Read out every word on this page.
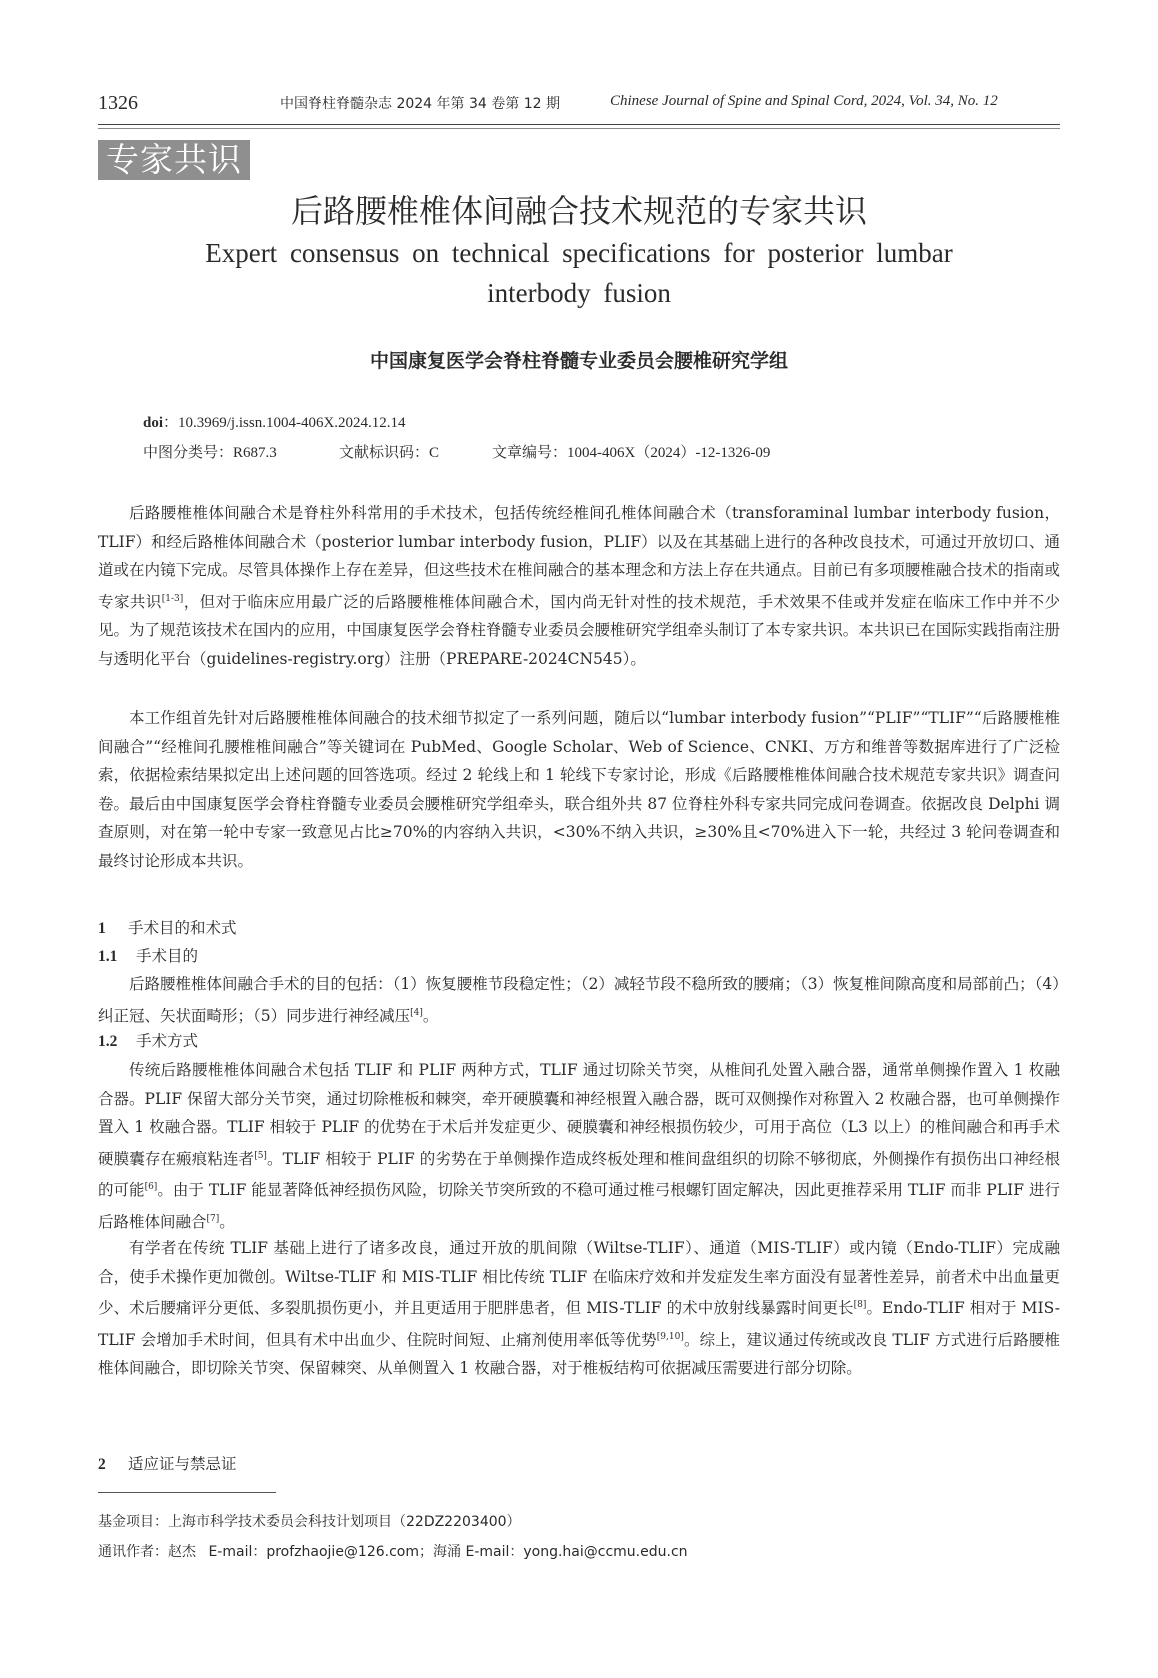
1326	中国脊柱脊髓杂志 2024 年第 34 卷第 12 期	Chinese Journal of Spine and Spinal Cord, 2024, Vol. 34, No. 12
专家共识
后路腰椎椎体间融合技术规范的专家共识
Expert consensus on technical specifications for posterior lumbar interbody fusion
中国康复医学会脊柱脊髓专业委员会腰椎研究学组
doi：10.3969/j.issn.1004-406X.2024.12.14
中图分类号：R687.3	文献标识码：C	文章编号：1004-406X（2024）-12-1326-09

后路腰椎椎体间融合术是脊柱外科常用的手术技术，包括传统经椎间孔椎体间融合术（transforaminal lumbar interbody fusion，TLIF）和经后路椎体间融合术（posterior lumbar interbody fusion，PLIF）以及在其基础上进行的各种改良技术，可通过开放切口、通道或在内镜下完成。尽管具体操作上存在差异，但这些技术在椎间融合的基本理念和方法上存在共通点。目前已有多项腰椎融合技术的指南或专家共识[1-3]，但对于临床应用最广泛的后路腰椎椎体间融合术，国内尚无针对性的技术规范，手术效果不佳或并发症在临床工作中并不少见。为了规范该技术在国内的应用，中国康复医学会脊柱脊髓专业委员会腰椎研究学组牵头制订了本专家共识。本共识已在国际实践指南注册与透明化平台（guidelines-registry.org）注册（PREPARE-2024CN545）。

本工作组首先针对后路腰椎椎体间融合的技术细节拟定了一系列问题，随后以“lumbar interbody fusion”“PLIF”“TLIF”“后路腰椎椎间融合”“经椎间孔腰椎椎间融合”等关键词在 PubMed、Google Scholar、Web of Science、CNKI、万方和维普等数据库进行了广泛检索，依据检索结果拟定出上述问题的回答选项。经过 2 轮线上和 1 轮线下专家讨论，形成《后路腰椎椎体间融合技术规范专家共识》调查问卷。最后由中国康复医学会脊柱脊髓专业委员会腰椎研究学组牵头，联合组外共 87 位脊柱外科专家共同完成问卷调查。依据改良 Delphi 调查原则，对在第一轮中专家一致意见占比≥70%的内容纳入共识，<30%不纳入共识，≥30%且<70%进入下一轮，共经过 3 轮问卷调查和最终讨论形成本共识。

1 手术目的和术式
1.1 手术目的

后路腰椎椎体间融合手术的目的包括：（1）恢复腰椎节段稳定性；（2）减轻节段不稳所致的腰痛；（3）恢复椎间隙高度和局部前凸；（4）纠正冠、矢状面畸形；（5）同步进行神经减压[4]。

1.2 手术方式

传统后路腰椎椎体间融合术包括 TLIF 和 PLIF 两种方式，TLIF 通过切除关节突，从椎间孔处置入融合器，通常单侧操作置入 1 枚融合器。PLIF 保留大部分关节突，通过切除椎板和棘突，牵开硬膜囊和神经根置入融合器，既可双侧操作对称置入 2 枚融合器，也可单侧操作置入 1 枚融合器。TLIF 相较于 PLIF 的优势在于术后并发症更少、硬膜囊和神经根损伤较少，可用于高位（L3 以上）的椎间融合和再手术硬膜囊存在瘢痕粘连者[5]。TLIF 相较于 PLIF 的劣势在于单侧操作造成终板处理和椎间盘组织的切除不够彻底，外侧操作有损伤出口神经根的可能[6]。由于 TLIF 能显著降低神经损伤风险，切除关节突所致的不稳可通过椎弓根螺钉固定解决，因此更推荐采用 TLIF 而非 PLIF 进行后路椎体间融合[7]。

有学者在传统 TLIF 基础上进行了诸多改良，通过开放的肌间隙（Wiltse-TLIF）、通道（MIS-TLIF）或内镜（Endo-TLIF）完成融合，使手术操作更加微创。Wiltse-TLIF 和 MIS-TLIF 相比传统 TLIF 在临床疗效和并发症发生率方面没有显著性差异，前者术中出血量更少、术后腰痛评分更低、多裂肌损伤更小，并且更适用于肥胖患者，但 MIS-TLIF 的术中放射线暴露时间更长[8]。Endo-TLIF 相对于 MIS-TLIF 会增加手术时间，但具有术中出血少、住院时间短、止痛剂使用率低等优势[9,10]。综上，建议通过传统或改良 TLIF 方式进行后路腰椎椎体间融合，即切除关节突、保留棘突、从单侧置入 1 枚融合器，对于椎板结构可依据减压需要进行部分切除。

2 适应证与禁忌证
基金项目：上海市科学技术委员会科技计划项目（22DZ2203400）
通讯作者：赵杰 E-mail：profzhaojie@126.com；海涌 E-mail：yong.hai@ccmu.edu.cn
